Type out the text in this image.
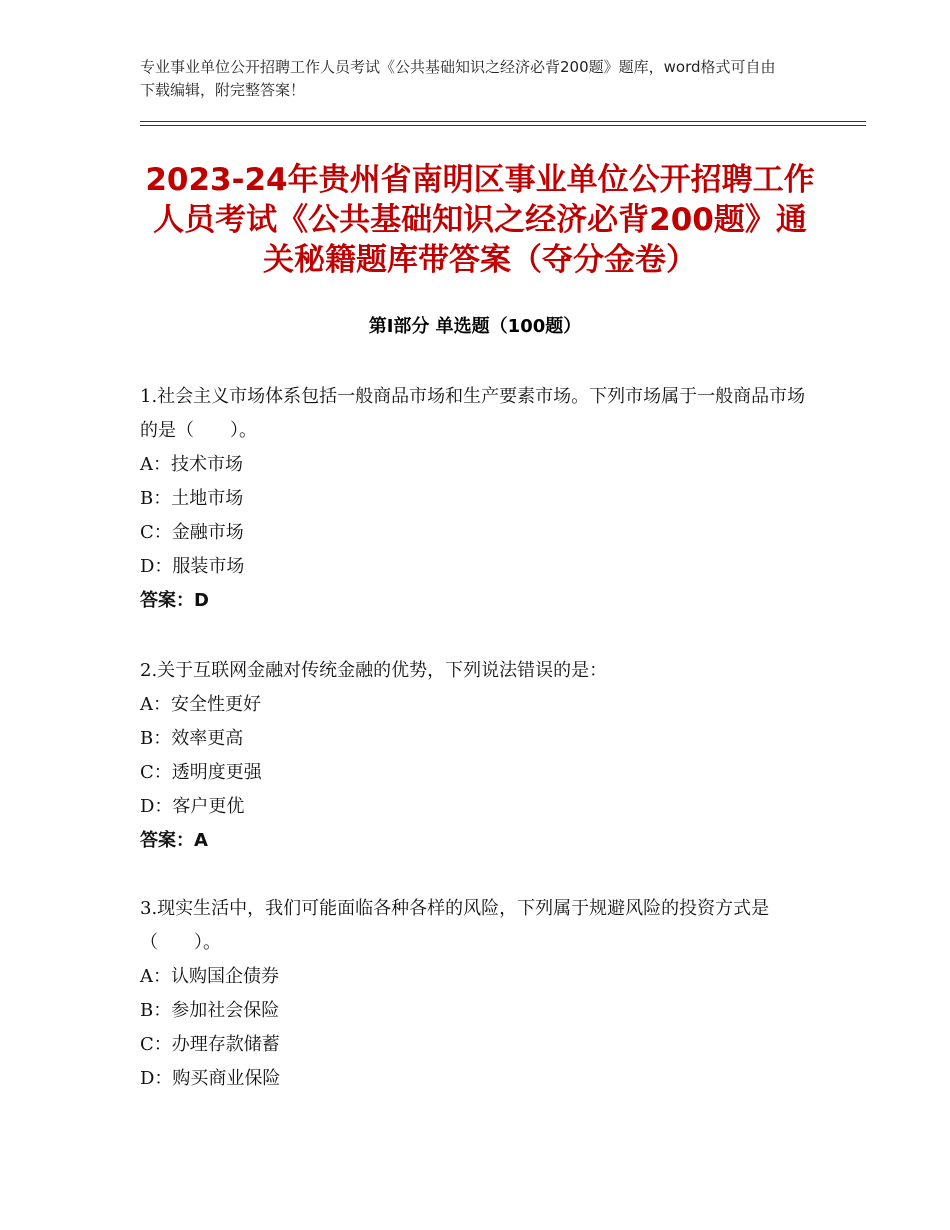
专业事业单位公开招聘工作人员考试《公共基础知识之经济必背200题》题库，word格式可自由下载编辑，附完整答案！
2023-24年贵州省南明区事业单位公开招聘工作人员考试《公共基础知识之经济必背200题》通关秘籍题库带答案（夺分金卷）
第Ⅰ部分 单选题（100题）
1.社会主义市场体系包括一般商品市场和生产要素市场。下列市场属于一般商品市场的是（　　）。
A：技术市场
B：土地市场
C：金融市场
D：服装市场
答案：D
2.关于互联网金融对传统金融的优势，下列说法错误的是：
A：安全性更好
B：效率更高
C：透明度更强
D：客户更优
答案：A
3.现实生活中，我们可能面临各种各样的风险，下列属于规避风险的投资方式是（　　）。
A：认购国企债券
B：参加社会保险
C：办理存款储蓄
D：购买商业保险
